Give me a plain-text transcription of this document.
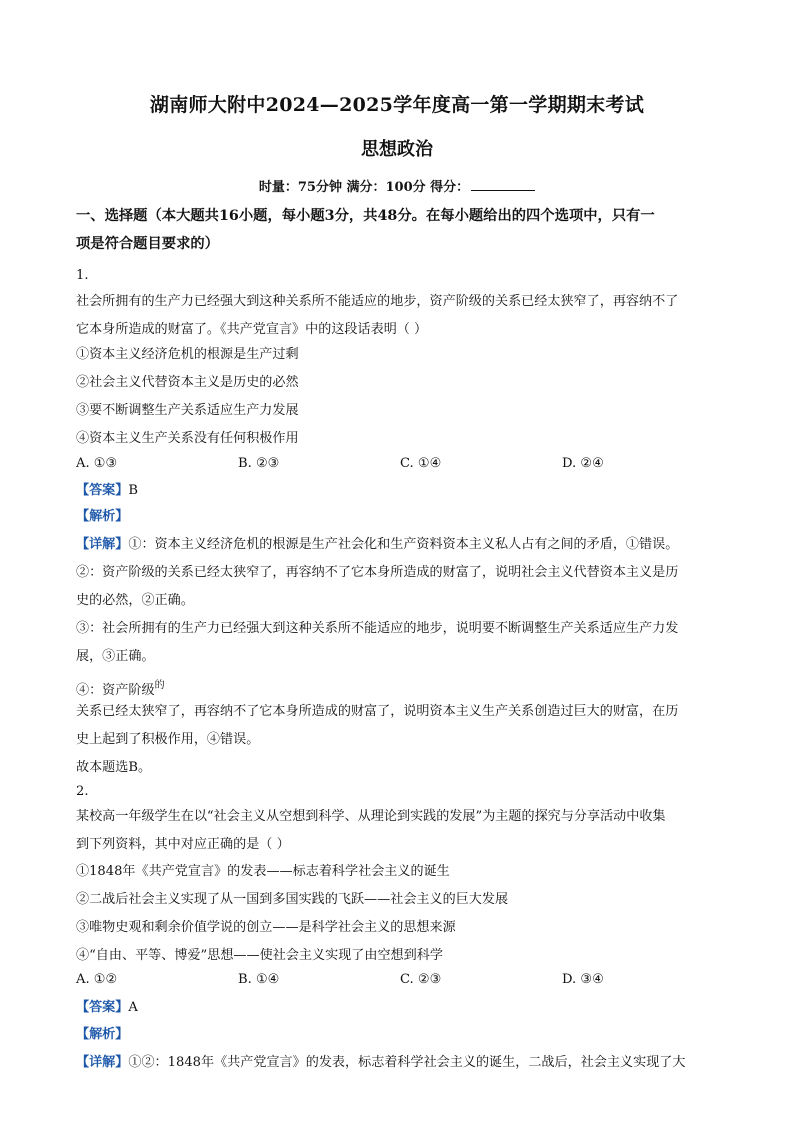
湖南师大附中2024—2025学年度高一第一学期期末考试
思想政治
时量：75分钟 满分：100分 得分：
一、选择题（本大题共16小题，每小题3分，共48分。在每小题给出的四个选项中，只有一
项是符合题目要求的）
1.
社会所拥有的生产力已经强大到这种关系所不能适应的地步，资产阶级的关系已经太狭窄了，再容纳不了
它本身所造成的财富了。《共产党宣言》中的这段话表明（ ）
①资本主义经济危机的根源是生产过剩
②社会主义代替资本主义是历史的必然
③要不断调整生产关系适应生产力发展
④资本主义生产关系没有任何积极作用
A. ①③	B. ②③	C. ①④	D. ②④
【答案】B
【解析】
【详解】①：资本主义经济危机的根源是生产社会化和生产资料资本主义私人占有之间的矛盾，①错误。
②：资产阶级的关系已经太狭窄了，再容纳不了它本身所造成的财富了，说明社会主义代替资本主义是历
史的必然，②正确。
③：社会所拥有的生产力已经强大到这种关系所不能适应的地步，说明要不断调整生产关系适应生产力发
展，③正确。
④：资产阶级$^的$
关系已经太狭窄了，再容纳不了它本身所造成的财富了，说明资本主义生产关系创造过巨大的财富，在历
史上起到了积极作用，④错误。
故本题选B。
2.
某校高一年级学生在以“社会主义从空想到科学、从理论到实践的发展”为主题的探究与分享活动中收集
到下列资料，其中对应正确的是（ ）
①1848年《共产党宣言》的发表——标志着科学社会主义的诞生
②二战后社会主义实现了从一国到多国实践的飞跃——社会主义的巨大发展
③唯物史观和剩余价值学说的创立——是科学社会主义的思想来源
④“自由、平等、博爱”思想——使社会主义实现了由空想到科学
A. ①②	B. ①④	C. ②③	D. ③④
【答案】A
【解析】
【详解】①②：1848年《共产党宣言》的发表，标志着科学社会主义的诞生，二战后，社会主义实现了大
